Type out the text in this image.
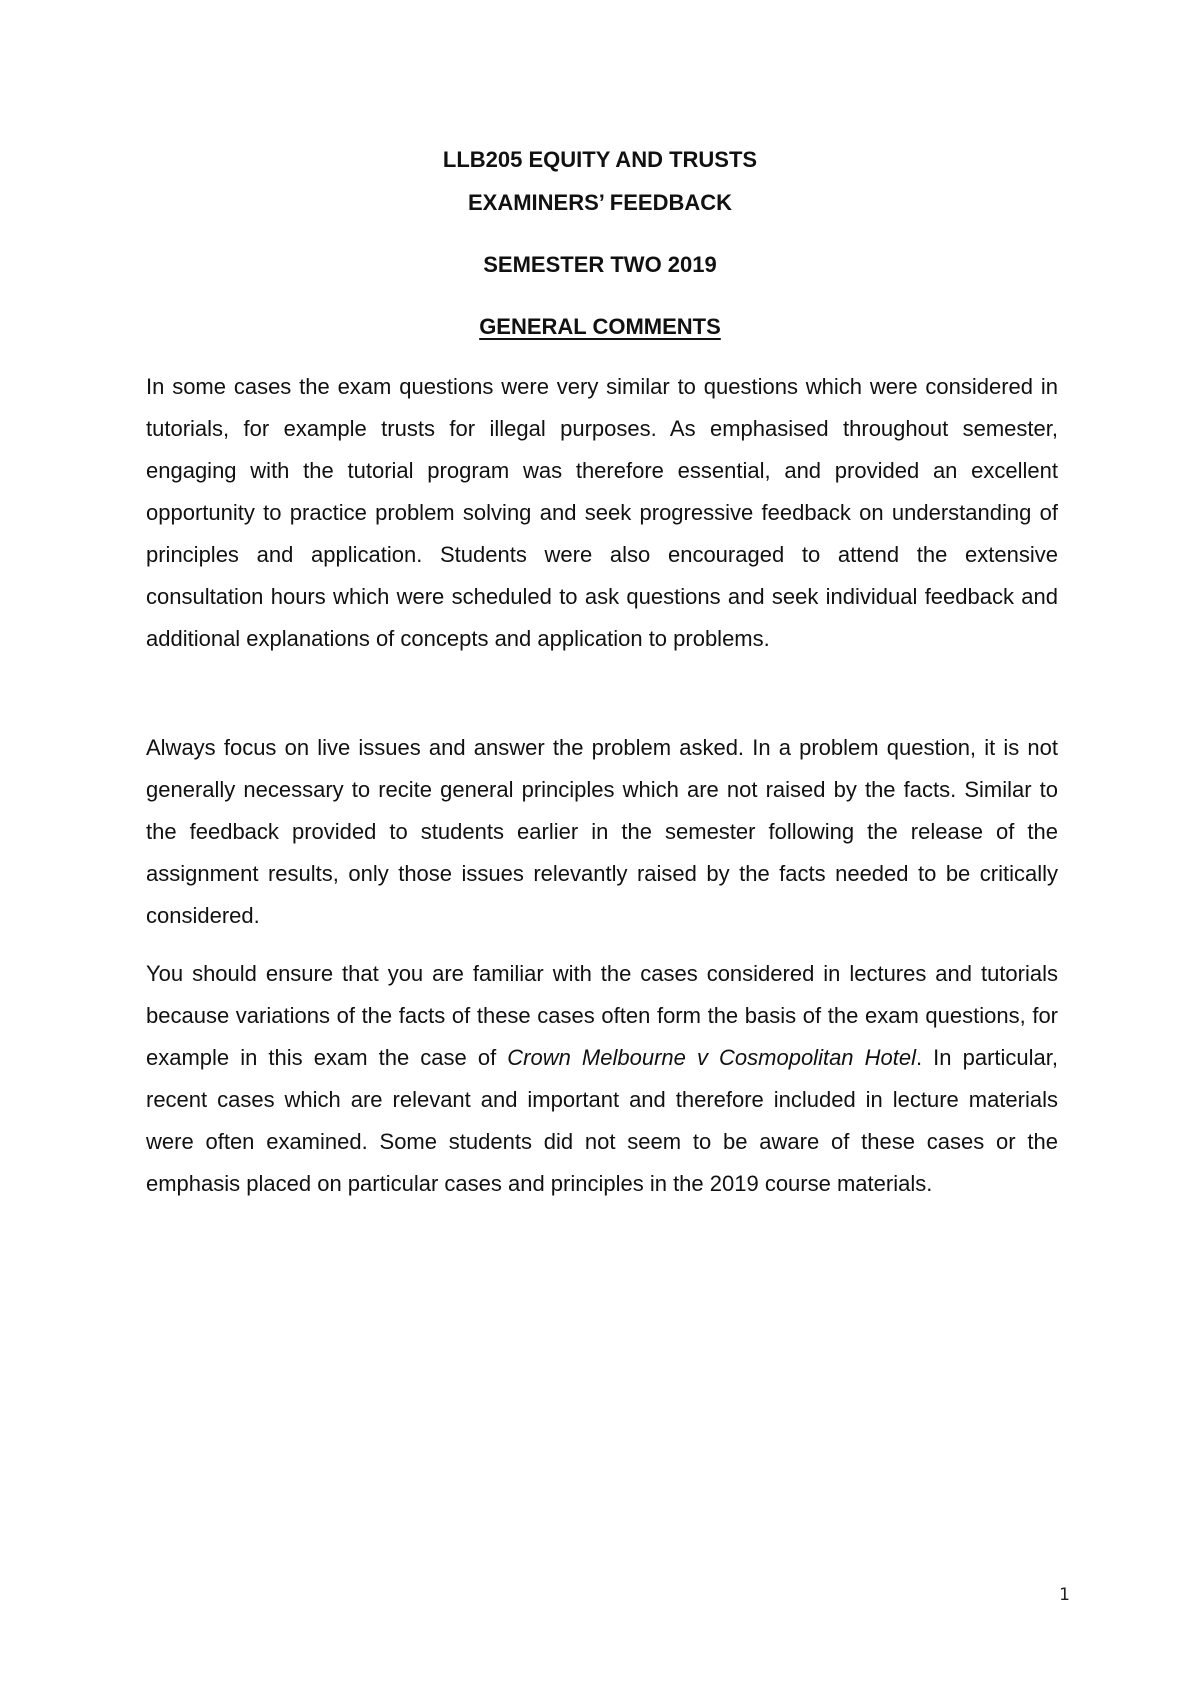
LLB205 EQUITY AND TRUSTS
EXAMINERS’ FEEDBACK
SEMESTER TWO 2019
GENERAL COMMENTS

In some cases the exam questions were very similar to questions which were considered in tutorials, for example trusts for illegal purposes. As emphasised throughout semester, engaging with the tutorial program was therefore essential, and provided an excellent opportunity to practice problem solving and seek progressive feedback on understanding of principles and application. Students were also encouraged to attend the extensive consultation hours which were scheduled to ask questions and seek individual feedback and additional explanations of concepts and application to problems.

Always focus on live issues and answer the problem asked. In a problem question, it is not generally necessary to recite general principles which are not raised by the facts. Similar to the feedback provided to students earlier in the semester following the release of the assignment results, only those issues relevantly raised by the facts needed to be critically considered.

You should ensure that you are familiar with the cases considered in lectures and tutorials because variations of the facts of these cases often form the basis of the exam questions, for example in this exam the case of Crown Melbourne v Cosmopolitan Hotel. In particular, recent cases which are relevant and important and therefore included in lecture materials were often examined. Some students did not seem to be aware of these cases or the emphasis placed on particular cases and principles in the 2019 course materials.

1
